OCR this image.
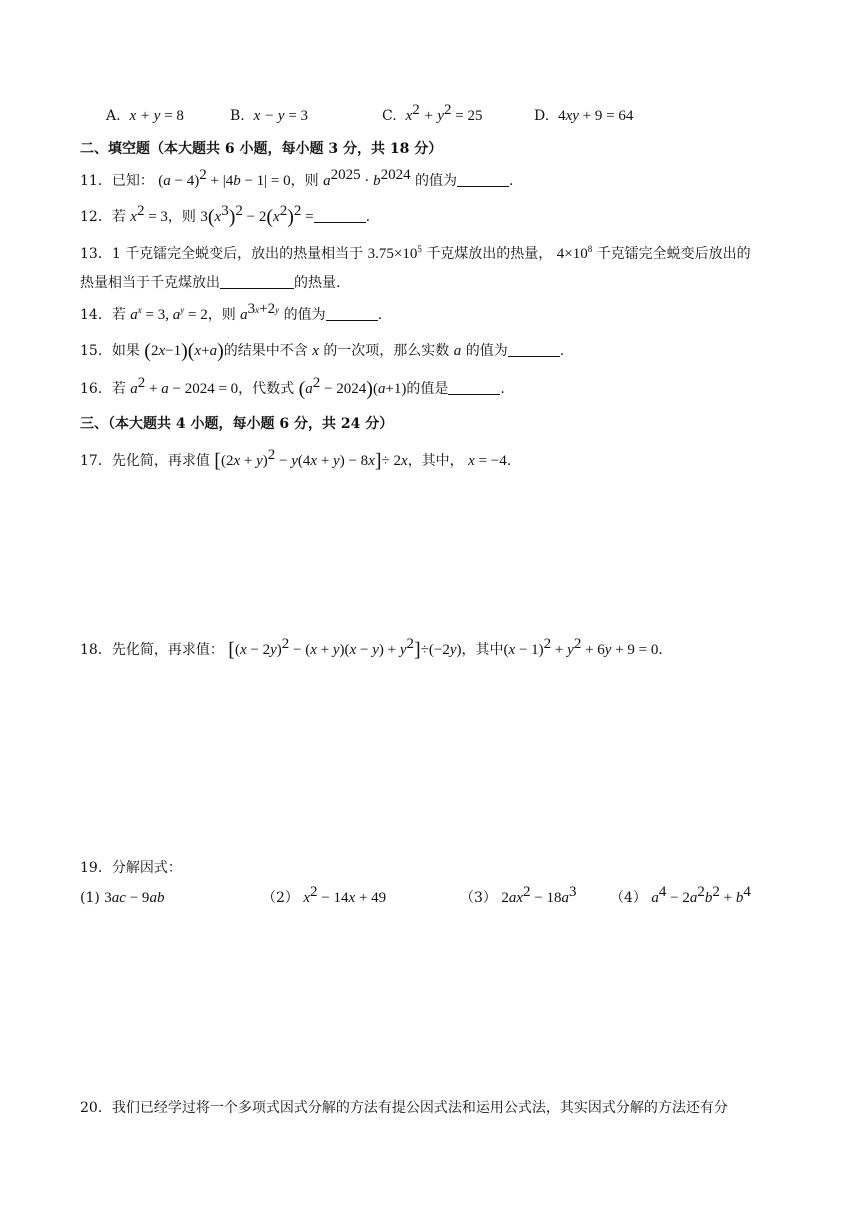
A. x + y = 8	B. x − y = 3	C. $x^2 + y^2 = 25$	D. 4xy + 9 = 64
二、填空题（本大题共 6 小题，每小题 3 分，共 18 分）
11．已知： $(a - 4)^2 + |4b - 1| = 0$，则 $a^{2025} \cdot b^{2024}$ 的值为	.
12．若 $x^2 = 3$，则 $3(x^3)^2 - 2(x^2)^2$ =	.
13．1 千克镭完全蜕变后，放出的热量相当于 $3.75\times 10^5$ 千克煤放出的热量， $4\times 10^8$ 千克镭完全蜕变后放出的
热量相当于千克煤放出	的热量.
14．若 $a^x = 3$, $a^y = 2$，则 $a^{3x+2y}$ 的值为	.
15．如果 (2x−1)(x+a)的结果中不含 x 的一次项，那么实数 a 的值为	.
16．若 $a^2 + a - 2024 = 0$，代数式 $(a^2 - 2024)(a+1)$的值是	.
三、（本大题共 4 小题，每小题 6 分，共 24 分）
17．先化简，再求值 $[(2x + y)^2 - y(4x + y) - 8x]\div 2x$，其中， x = −4.
18．先化简，再求值： $[(x - 2y)^2 - (x + y)(x - y) + y^2]\div(-2y)$，其中$(x - 1)^2 + y^2 + 6y + 9 = 0$.
19．分解因式：
(1) 3ac − 9ab	（2） $x^2 - 14x + 49$	（3） $2ax^2 - 18a^3$ （4） $a^4 - 2a^2b^2 + b^4$
20．我们已经学过将一个多项式因式分解的方法有提公因式法和运用公式法，其实因式分解的方法还有分
